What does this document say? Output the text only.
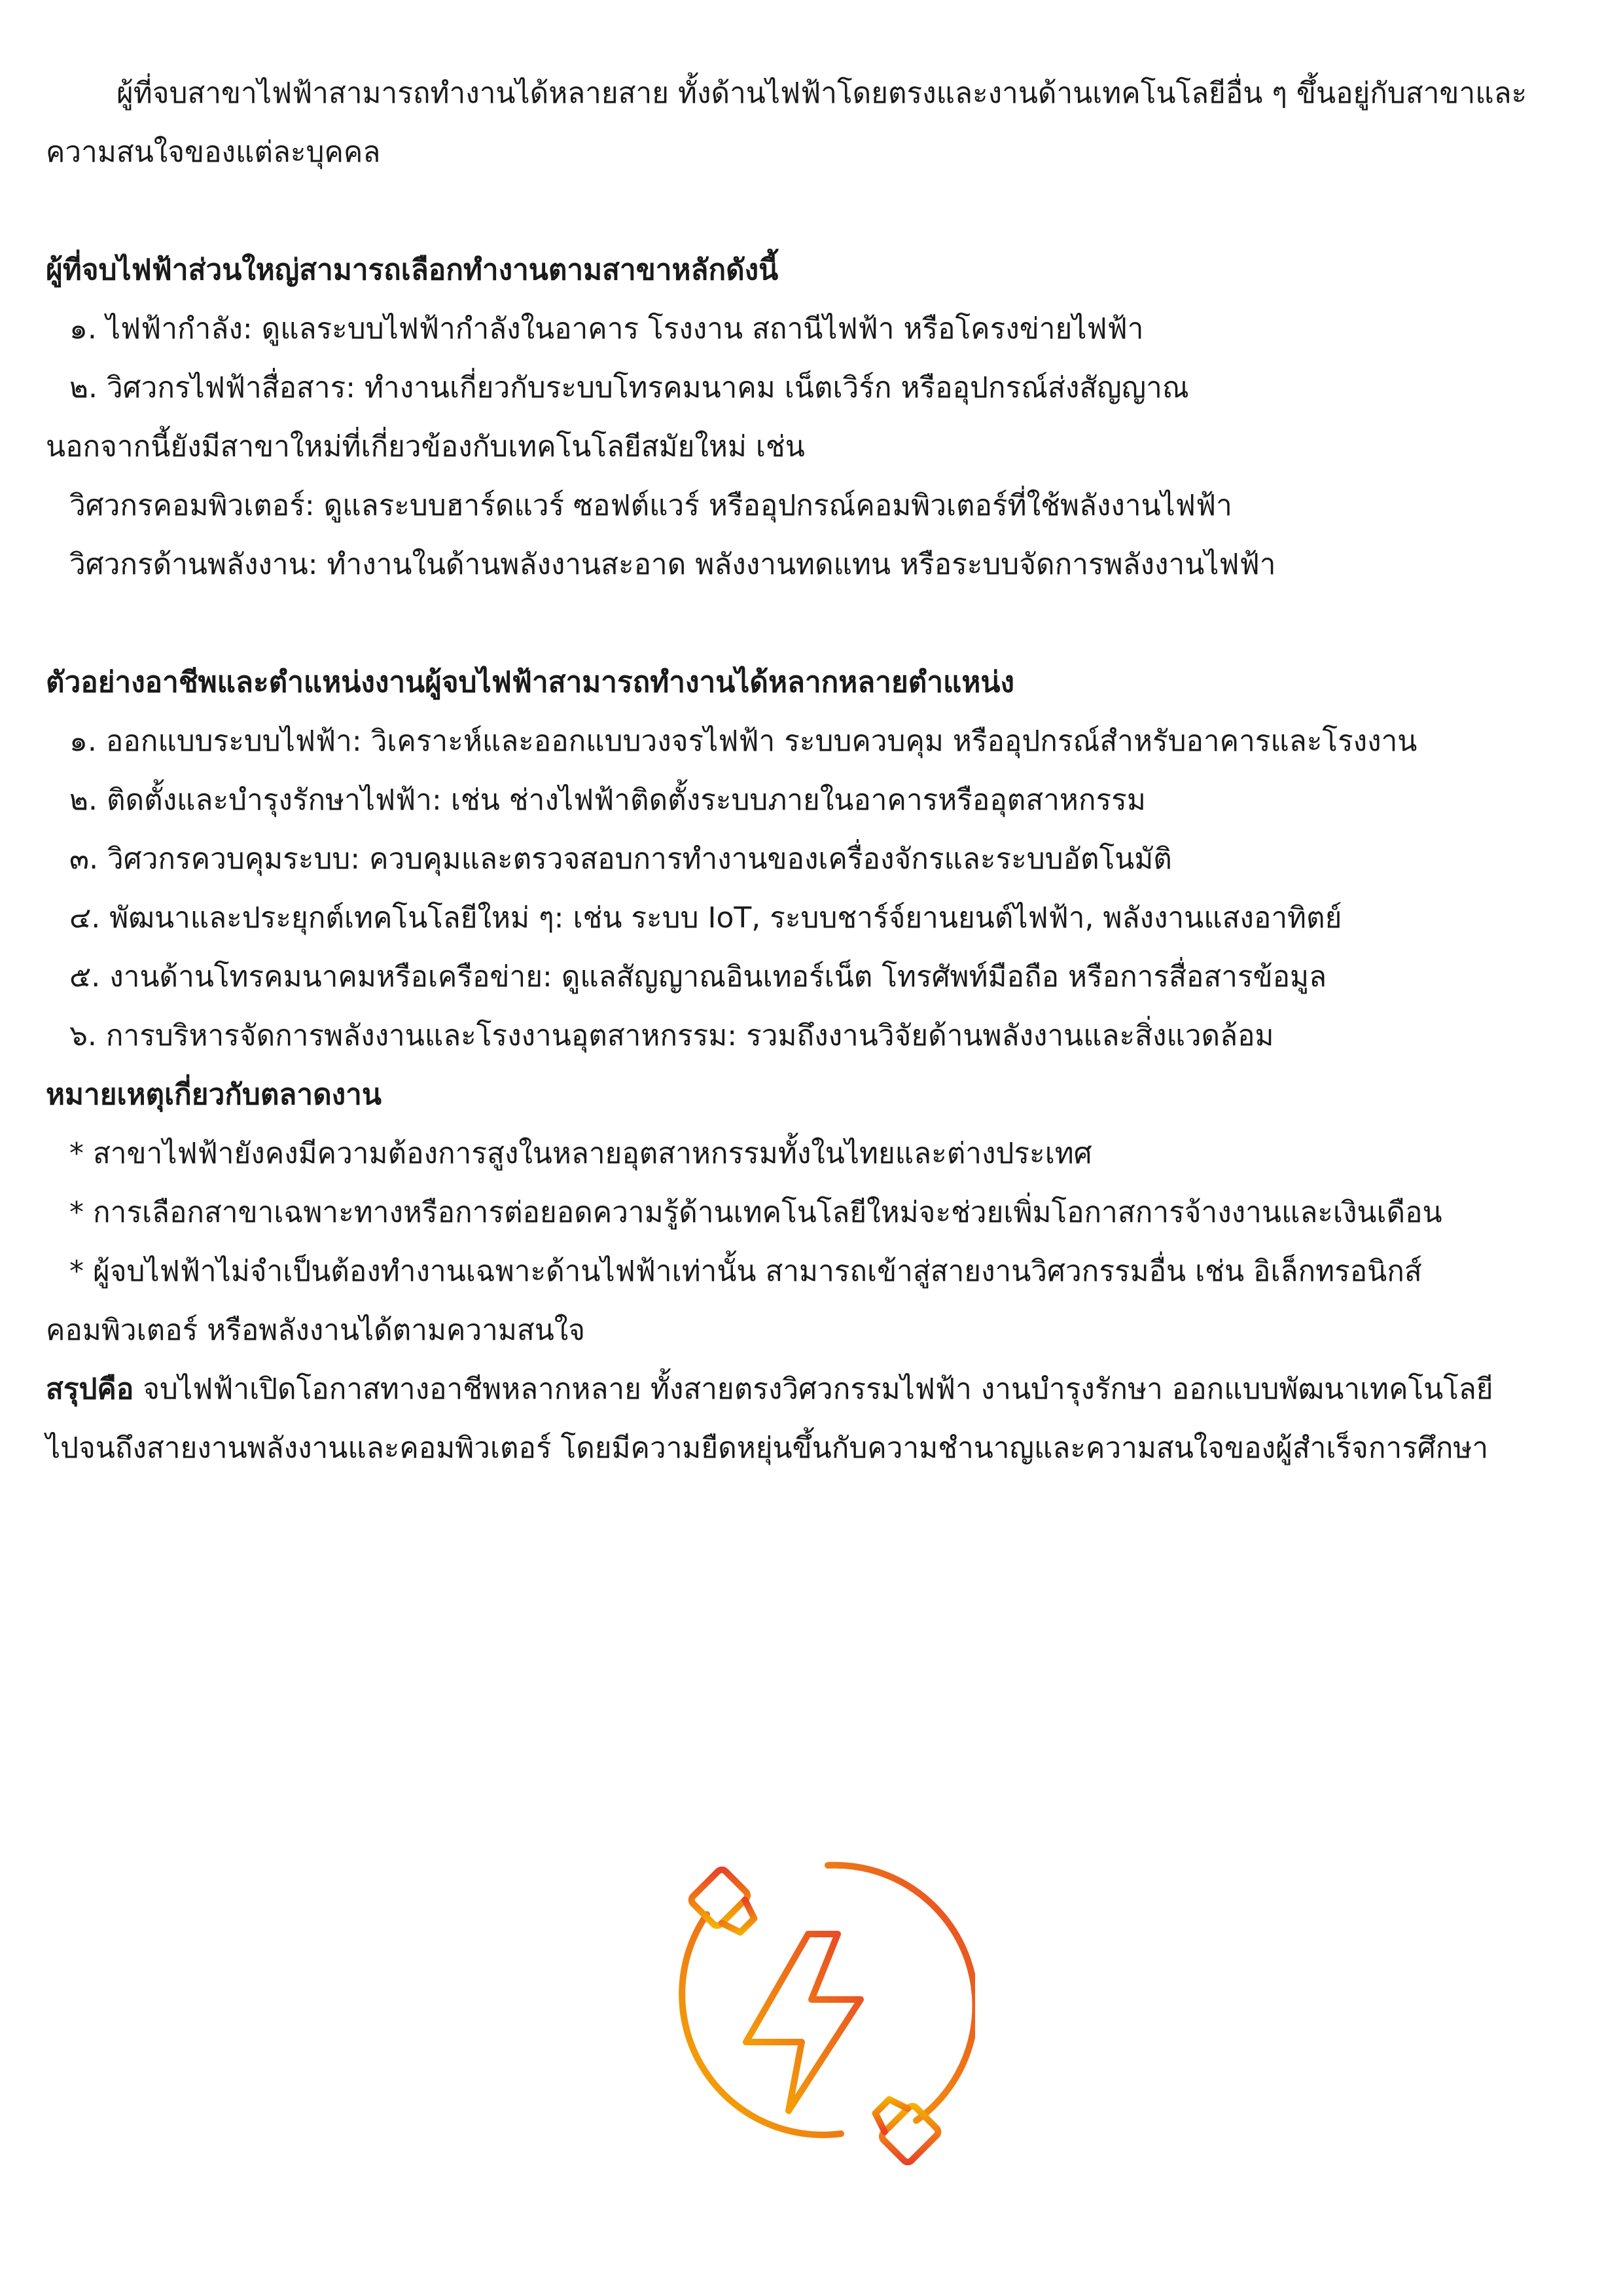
ผู้ที่จบสาขาไฟฟ้าสามารถทำงานได้หลายสาย ทั้งด้านไฟฟ้าโดยตรงและงานด้านเทคโนโลยีอื่น ๆ ขึ้นอยู่กับสาขาและ

ความสนใจของแต่ละบุคคล

ผู้ที่จบไฟฟ้าส่วนใหญ่สามารถเลือกทำงานตามสาขาหลักดังนี้

๑. ไฟฟ้ากำลัง: ดูแลระบบไฟฟ้ากำลังในอาคาร โรงงาน สถานีไฟฟ้า หรือโครงข่ายไฟฟ้า

๒. วิศวกรไฟฟ้าสื่อสาร: ทำงานเกี่ยวกับระบบโทรคมนาคม เน็ตเวิร์ก หรืออุปกรณ์ส่งสัญญาณ

นอกจากนี้ยังมีสาขาใหม่ที่เกี่ยวข้องกับเทคโนโลยีสมัยใหม่ เช่น

วิศวกรคอมพิวเตอร์: ดูแลระบบฮาร์ดแวร์ ซอฟต์แวร์ หรืออุปกรณ์คอมพิวเตอร์ที่ใช้พลังงานไฟฟ้า

วิศวกรด้านพลังงาน: ทำงานในด้านพลังงานสะอาด พลังงานทดแทน หรือระบบจัดการพลังงานไฟฟ้า

ตัวอย่างอาชีพและตำแหน่งงานผู้จบไฟฟ้าสามารถทำงานได้หลากหลายตำแหน่ง

๑. ออกแบบระบบไฟฟ้า: วิเคราะห์และออกแบบวงจรไฟฟ้า ระบบควบคุม หรืออุปกรณ์สำหรับอาคารและโรงงาน

๒. ติดตั้งและบำรุงรักษาไฟฟ้า: เช่น ช่างไฟฟ้าติดตั้งระบบภายในอาคารหรืออุตสาหกรรม

๓. วิศวกรควบคุมระบบ: ควบคุมและตรวจสอบการทำงานของเครื่องจักรและระบบอัตโนมัติ

๔. พัฒนาและประยุกต์เทคโนโลยีใหม่ ๆ: เช่น ระบบ IoT, ระบบชาร์จ์ยานยนต์ไฟฟ้า, พลังงานแสงอาทิตย์

๕. งานด้านโทรคมนาคมหรือเครือข่าย: ดูแลสัญญาณอินเทอร์เน็ต โทรศัพท์มือถือ หรือการสื่อสารข้อมูล

๖. การบริหารจัดการพลังงานและโรงงานอุตสาหกรรม: รวมถึงงานวิจัยด้านพลังงานและสิ่งแวดล้อม

หมายเหตุเกี่ยวกับตลาดงาน

* สาขาไฟฟ้ายังคงมีความต้องการสูงในหลายอุตสาหกรรมทั้งในไทยและต่างประเทศ

* การเลือกสาขาเฉพาะทางหรือการต่อยอดความรู้ด้านเทคโนโลยีใหม่จะช่วยเพิ่มโอกาสการจ้างงานและเงินเดือน

* ผู้จบไฟฟ้าไม่จำเป็นต้องทำงานเฉพาะด้านไฟฟ้าเท่านั้น สามารถเข้าสู่สายงานวิศวกรรมอื่น เช่น อิเล็กทรอนิกส์

คอมพิวเตอร์ หรือพลังงานได้ตามความสนใจ

สรุปคือ จบไฟฟ้าเปิดโอกาสทางอาชีพหลากหลาย ทั้งสายตรงวิศวกรรมไฟฟ้า งานบำรุงรักษา ออกแบบพัฒนาเทคโนโลยี

ไปจนถึงสายงานพลังงานและคอมพิวเตอร์ โดยมีความยืดหยุ่นขึ้นกับความชำนาญและความสนใจของผู้สำเร็จการศึกษา
